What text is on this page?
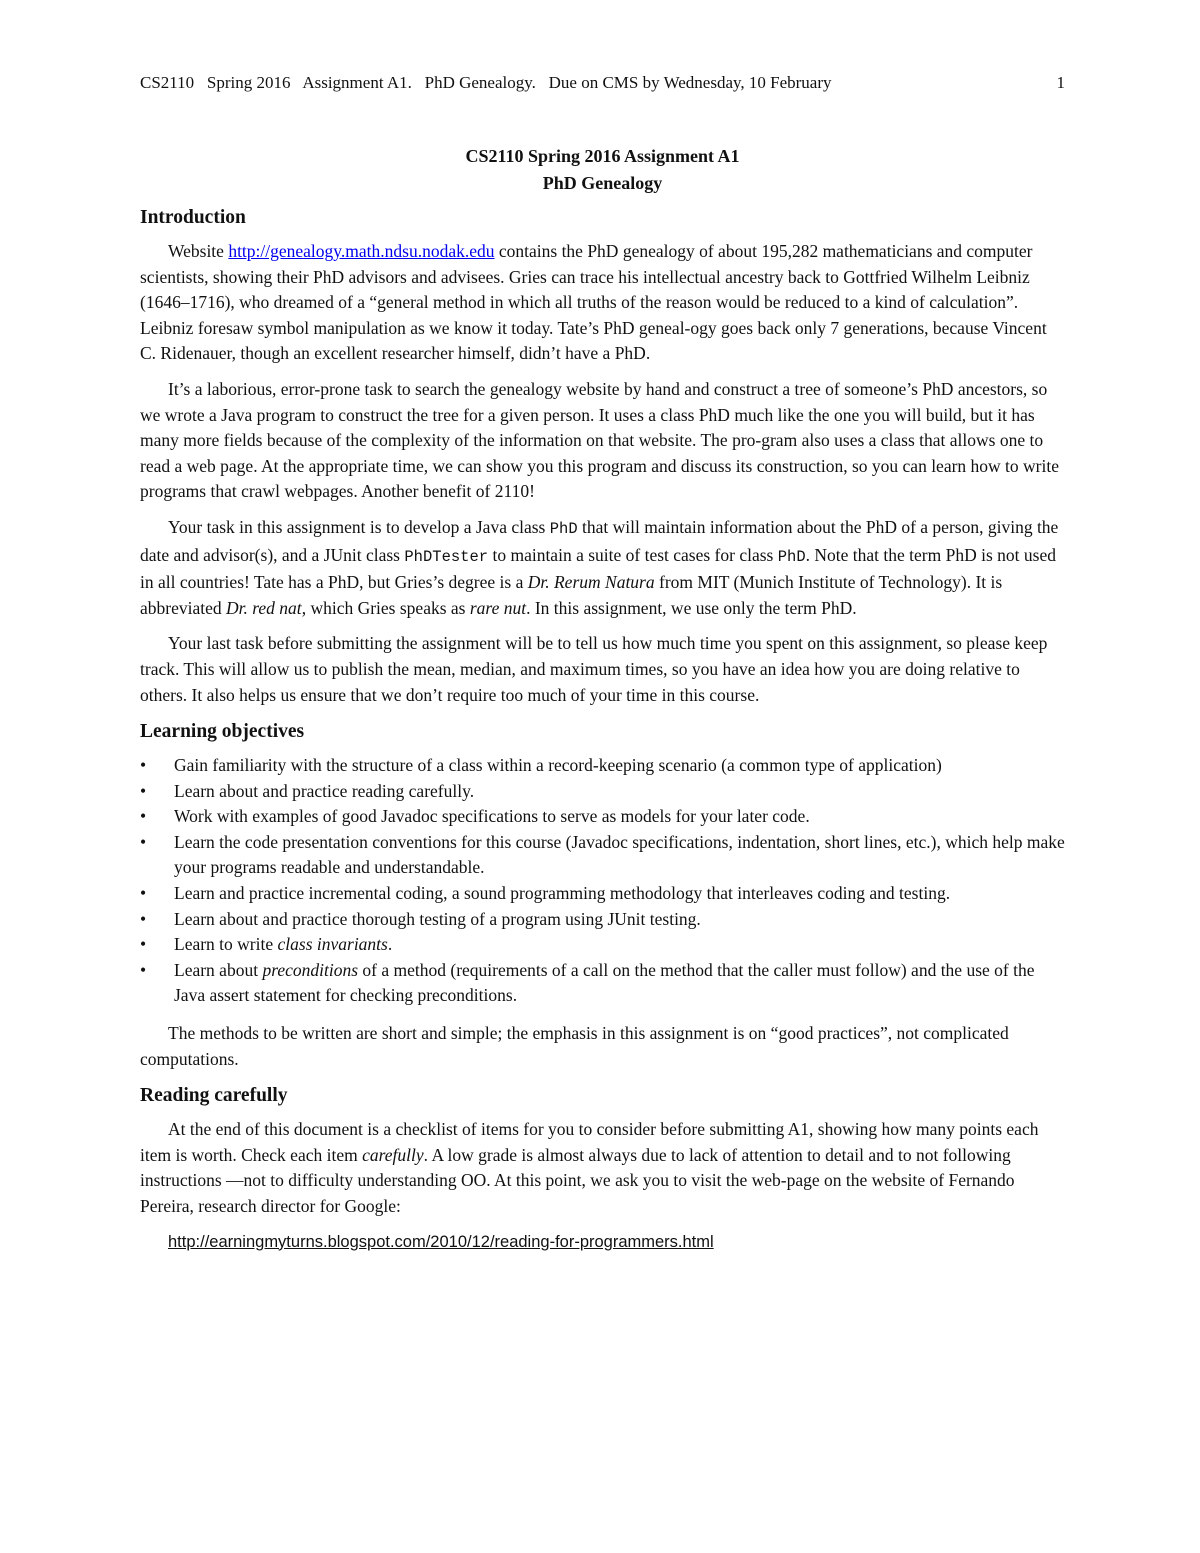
CS2110   Spring 2016   Assignment A1.   PhD Genealogy.   Due on CMS by Wednesday, 10 February	1
CS2110 Spring 2016 Assignment A1
PhD Genealogy
Introduction

Website http://genealogy.math.ndsu.nodak.edu contains the PhD genealogy of about 195,282 mathematicians and computer scientists, showing their PhD advisors and advisees. Gries can trace his intellectual ancestry back to Gottfried Wilhelm Leibniz (1646–1716), who dreamed of a “general method in which all truths of the reason would be reduced to a kind of calculation”. Leibniz foresaw symbol manipulation as we know it today. Tate’s PhD geneal-ogy goes back only 7 generations, because Vincent C. Ridenauer, though an excellent researcher himself, didn’t have a PhD.

It’s a laborious, error-prone task to search the genealogy website by hand and construct a tree of someone’s PhD ancestors, so we wrote a Java program to construct the tree for a given person. It uses a class PhD much like the one you will build, but it has many more fields because of the complexity of the information on that website. The pro-gram also uses a class that allows one to read a web page. At the appropriate time, we can show you this program and discuss its construction, so you can learn how to write programs that crawl webpages. Another benefit of 2110!

Your task in this assignment is to develop a Java class PhD that will maintain information about the PhD of a person, giving the date and advisor(s), and a JUnit class PhDTester to maintain a suite of test cases for class PhD. Note that the term PhD is not used in all countries! Tate has a PhD, but Gries’s degree is a Dr. Rerum Natura from MIT (Munich Institute of Technology). It is abbreviated Dr. red nat, which Gries speaks as rare nut. In this assignment, we use only the term PhD.

Your last task before submitting the assignment will be to tell us how much time you spent on this assignment, so please keep track. This will allow us to publish the mean, median, and maximum times, so you have an idea how you are doing relative to others. It also helps us ensure that we don’t require too much of your time in this course.

Learning objectives
• Gain familiarity with the structure of a class within a record-keeping scenario (a common type of application)
• Learn about and practice reading carefully.
• Work with examples of good Javadoc specifications to serve as models for your later code.
• Learn the code presentation conventions for this course (Javadoc specifications, indentation, short lines, etc.), which help make your programs readable and understandable.
• Learn and practice incremental coding, a sound programming methodology that interleaves coding and testing.
• Learn about and practice thorough testing of a program using JUnit testing.
• Learn to write class invariants.
• Learn about preconditions of a method (requirements of a call on the method that the caller must follow) and the use of the Java assert statement for checking preconditions.

The methods to be written are short and simple; the emphasis in this assignment is on “good practices”, not complicated computations.

Reading carefully

At the end of this document is a checklist of items for you to consider before submitting A1, showing how many points each item is worth. Check each item carefully. A low grade is almost always due to lack of attention to detail and to not following instructions —not to difficulty understanding OO. At this point, we ask you to visit the web-page on the website of Fernando Pereira, research director for Google:

http://earningmyturns.blogspot.com/2010/12/reading-for-programmers.html
